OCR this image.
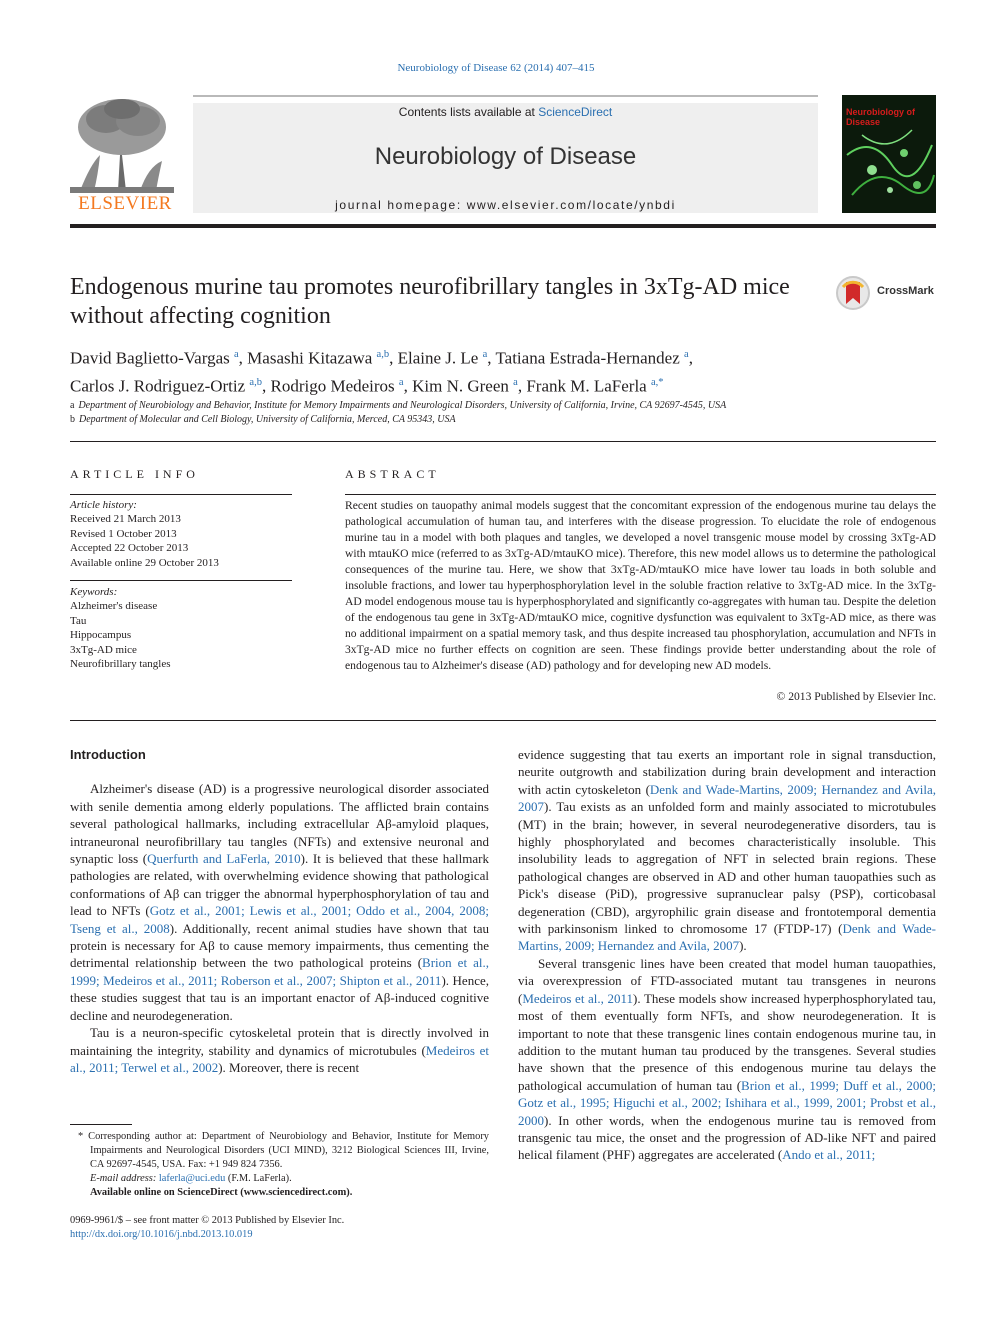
Neurobiology of Disease 62 (2014) 407–415
ELSEVIER
Contents lists available at ScienceDirect
Neurobiology of Disease
journal homepage: www.elsevier.com/locate/ynbdi
Neurobiology of Disease
Endogenous murine tau promotes neurofibrillary tangles in 3xTg-AD mice without affecting cognition
CrossMark
David Baglietto-Vargas $^a$, Masashi Kitazawa $^{a,b}$, Elaine J. Le $^a$, Tatiana Estrada-Hernandez $^a$,
Carlos J. Rodriguez-Ortiz $^{a,b}$, Rodrigo Medeiros $^a$, Kim N. Green $^a$, Frank M. LaFerla $^{a,*}$
a Department of Neurobiology and Behavior, Institute for Memory Impairments and Neurological Disorders, University of California, Irvine, CA 92697-4545, USA
b Department of Molecular and Cell Biology, University of California, Merced, CA 95343, USA
ARTICLE INFO	ABSTRACT
Article history:
Received 21 March 2013
Revised 1 October 2013
Accepted 22 October 2013
Available online 29 October 2013
Keywords:
Alzheimer's disease
Tau
Hippocampus
3xTg-AD mice
Neurofibrillary tangles
Recent studies on tauopathy animal models suggest that the concomitant expression of the endogenous murine tau delays the pathological accumulation of human tau, and interferes with the disease progression. To elucidate the role of endogenous murine tau in a model with both plaques and tangles, we developed a novel transgenic mouse model by crossing 3xTg-AD with mtauKO mice (referred to as 3xTg-AD/mtauKO mice). Therefore, this new model allows us to determine the pathological consequences of the murine tau. Here, we show that 3xTg-AD/mtauKO mice have lower tau loads in both soluble and insoluble fractions, and lower tau hyperphosphorylation level in the soluble fraction relative to 3xTg-AD mice. In the 3xTg-AD model endogenous mouse tau is hyperphosphorylated and significantly co-aggregates with human tau. Despite the deletion of the endogenous tau gene in 3xTg-AD/mtauKO mice, cognitive dysfunction was equivalent to 3xTg-AD mice, as there was no additional impairment on a spatial memory task, and thus despite increased tau phosphorylation, accumulation and NFTs in 3xTg-AD mice no further effects on cognition are seen. These findings provide better understanding about the role of endogenous tau to Alzheimer's disease (AD) pathology and for developing new AD models.
© 2013 Published by Elsevier Inc.
Introduction

Alzheimer's disease (AD) is a progressive neurological disorder associated with senile dementia among elderly populations. The afflicted brain contains several pathological hallmarks, including extracellular Aβ-amyloid plaques, intraneuronal neurofibrillary tau tangles (NFTs) and extensive neuronal and synaptic loss (Querfurth and LaFerla, 2010). It is believed that these hallmark pathologies are related, with overwhelming evidence showing that pathological conformations of Aβ can trigger the abnormal hyperphosphorylation of tau and lead to NFTs (Gotz et al., 2001; Lewis et al., 2001; Oddo et al., 2004, 2008; Tseng et al., 2008). Additionally, recent animal studies have shown that tau protein is necessary for Aβ to cause memory impairments, thus cementing the detrimental relationship between the two pathological proteins (Brion et al., 1999; Medeiros et al., 2011; Roberson et al., 2007; Shipton et al., 2011). Hence, these studies suggest that tau is an important enactor of Aβ-induced cognitive decline and neurodegeneration.

Tau is a neuron-specific cytoskeletal protein that is directly involved in maintaining the integrity, stability and dynamics of microtubules (Medeiros et al., 2011; Terwel et al., 2002). Moreover, there is recent

evidence suggesting that tau exerts an important role in signal transduction, neurite outgrowth and stabilization during brain development and interaction with actin cytoskeleton (Denk and Wade-Martins, 2009; Hernandez and Avila, 2007). Tau exists as an unfolded form and mainly associated to microtubules (MT) in the brain; however, in several neurodegenerative disorders, tau is highly phosphorylated and becomes characteristically insoluble. This insolubility leads to aggregation of NFT in selected brain regions. These pathological changes are observed in AD and other human tauopathies such as Pick's disease (PiD), progressive supranuclear palsy (PSP), corticobasal degeneration (CBD), argyrophilic grain disease and frontotemporal dementia with parkinsonism linked to chromosome 17 (FTDP-17) (Denk and Wade-Martins, 2009; Hernandez and Avila, 2007).

Several transgenic lines have been created that model human tauopathies, via overexpression of FTD-associated mutant tau transgenes in neurons (Medeiros et al., 2011). These models show increased hyperphosphorylated tau, most of them eventually form NFTs, and show neurodegeneration. It is important to note that these transgenic lines contain endogenous murine tau, in addition to the mutant human tau produced by the transgenes. Several studies have shown that the presence of this endogenous murine tau delays the pathological accumulation of human tau (Brion et al., 1999; Duff et al., 2000; Gotz et al., 1995; Higuchi et al., 2002; Ishihara et al., 1999, 2001; Probst et al., 2000). In other words, when the endogenous murine tau is removed from transgenic tau mice, the onset and the progression of AD-like NFT and paired helical filament (PHF) aggregates are accelerated (Ando et al., 2011;

* Corresponding author at: Department of Neurobiology and Behavior, Institute for Memory Impairments and Neurological Disorders (UCI MIND), 3212 Biological Sciences III, Irvine, CA 92697-4545, USA. Fax: +1 949 824 7356.

E-mail address: laferla@uci.edu (F.M. LaFerla).

Available online on ScienceDirect (www.sciencedirect.com).

0969-9961/$ – see front matter © 2013 Published by Elsevier Inc.
http://dx.doi.org/10.1016/j.nbd.2013.10.019
